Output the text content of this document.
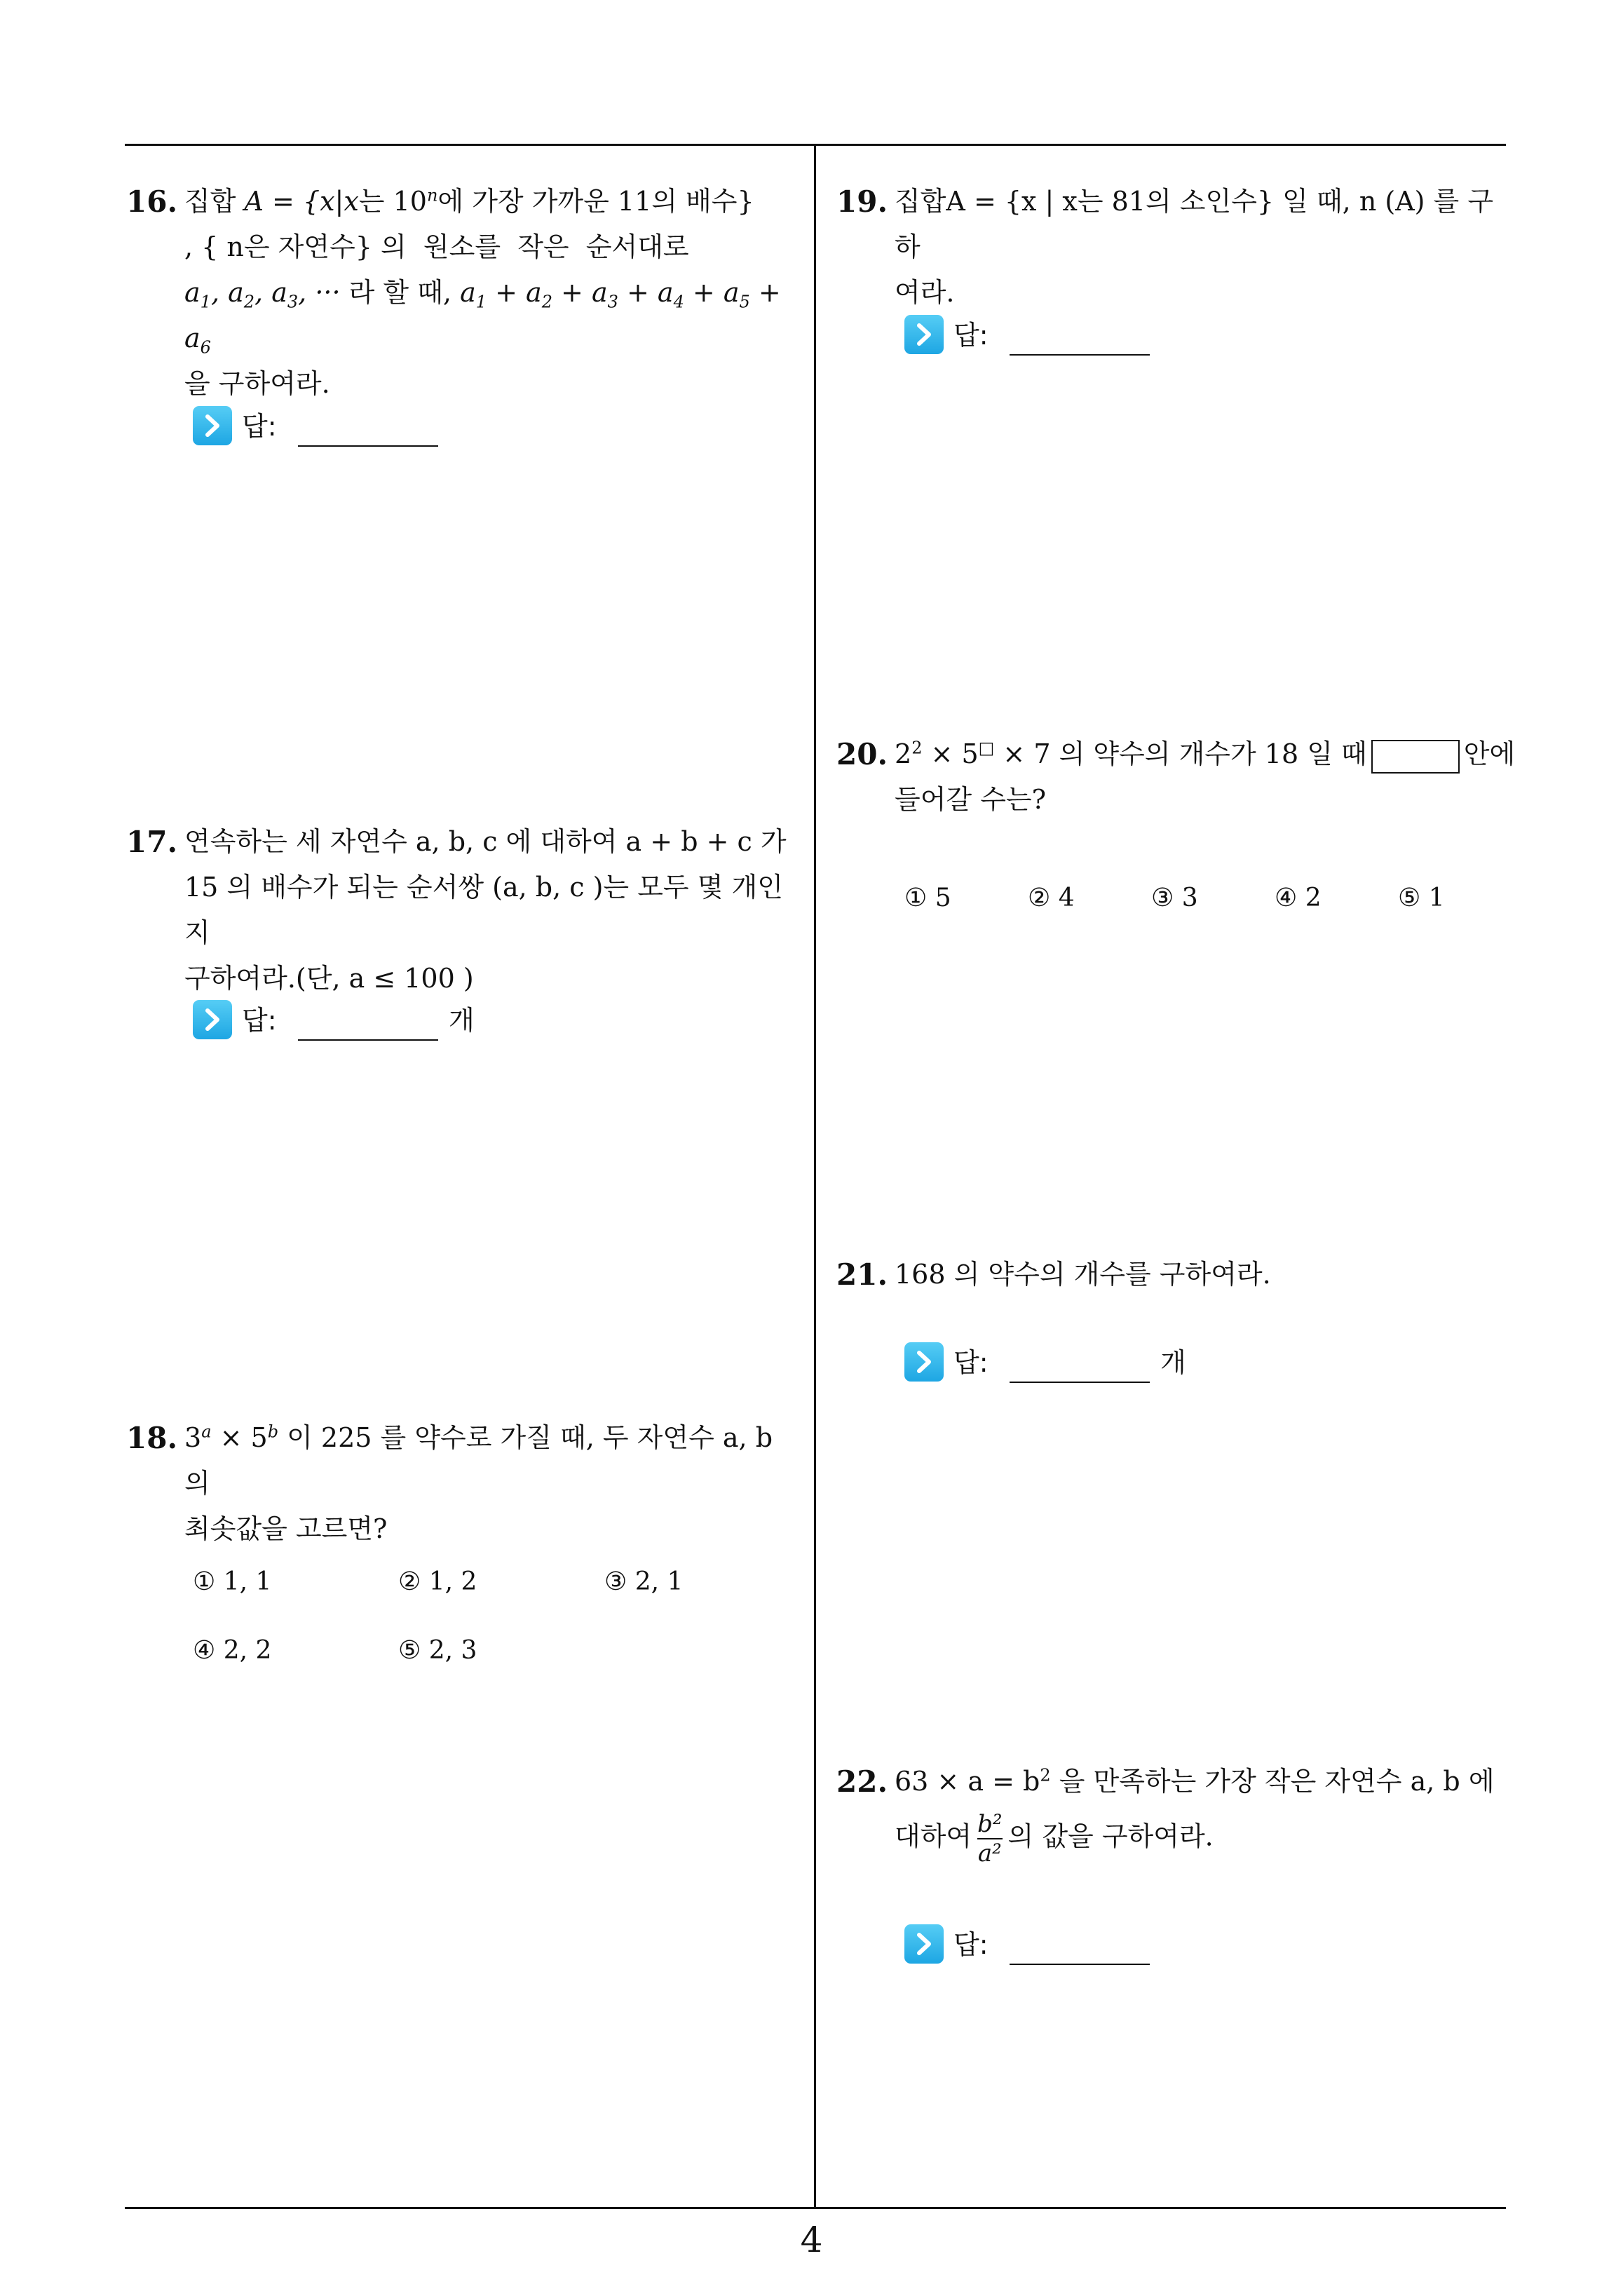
16. 집합 A = {x|x는 10$^n$에 가장 가까운 11의 배수}
, { n은 자연수} 의  원소를  작은  순서대로
$a_1$, $a_2$, $a_3$, ··· 라 할 때, $a_1 + a_2 + a_3 + a_4 + a_5 + a_6$
을 구하여라.
답:
17. 연속하는 세 자연수 a, b, c 에 대하여 a + b + c 가
15 의 배수가 되는 순서쌍 (a, b, c )는 모두 몇 개인지
구하여라.(단, a ≤ 100 )
답:	개
18. $3^a \times 5^b$ 이 225 를 약수로 가질 때, 두 자연수 a, b 의
최솟값을 고르면?
① 1, 1	② 1, 2	③ 2, 1
④ 2, 2	⑤ 2, 3
19. 집합A = {x | x는 81의 소인수} 일 때, n (A) 를 구하
여라.
답:
20. $2^2 \times 5^□ \times 7$ 의 약수의 개수가 18 일 때	안에
들어갈 수는?
① 5	② 4	③ 3	④ 2	⑤ 1
21. 168 의 약수의 개수를 구하여라.
답:	개
22. $63 \times a = b^2$ 을 만족하는 가장 작은 자연수 a, b 에
대하여 $\frac{\text{b²}}{\text{a²}}$ 의 값을 구하여라.
답:
4
